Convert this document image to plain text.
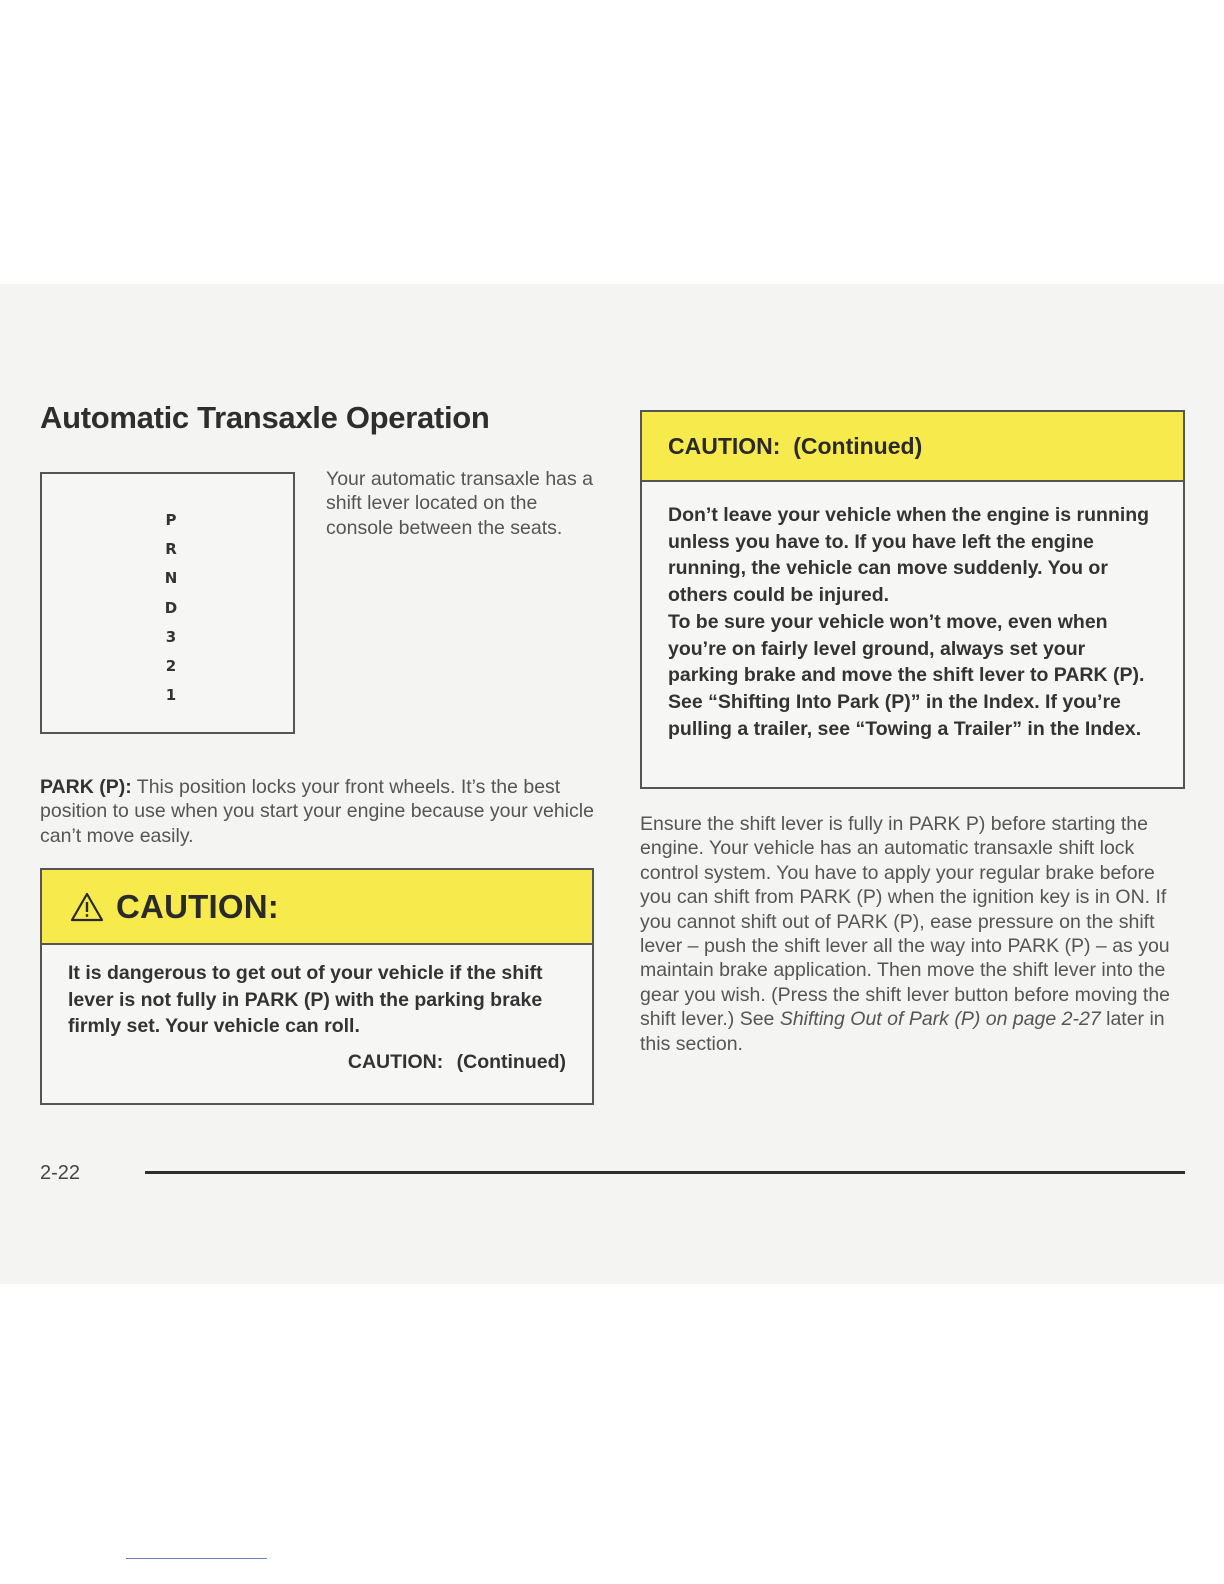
Automatic Transaxle Operation
P
R
N
D
3
2
1
Your automatic transaxle has a shift lever located on the console between the seats.
PARK (P): This position locks your front wheels. It’s the best position to use when you start your engine because your vehicle can’t move easily.
CAUTION:
It is dangerous to get out of your vehicle if the shift lever is not fully in PARK (P) with the parking brake firmly set. Your vehicle can roll.
CAUTION: (Continued)
CAUTION:  (Continued)
Don’t leave your vehicle when the engine is running unless you have to. If you have left the engine running, the vehicle can move suddenly. You or others could be injured.
To be sure your vehicle won’t move, even when you’re on fairly level ground, always set your parking brake and move the shift lever to PARK (P). See “Shifting Into Park (P)” in the Index. If you’re pulling a trailer, see “Towing a Trailer” in the Index.
Ensure the shift lever is fully in PARK P) before starting the engine. Your vehicle has an automatic transaxle shift lock control system. You have to apply your regular brake before you can shift from PARK (P) when the ignition key is in ON. If you cannot shift out of PARK (P), ease pressure on the shift lever – push the shift lever all the way into PARK (P) – as you maintain brake application. Then move the shift lever into the gear you wish. (Press the shift lever button before moving the shift lever.) See Shifting Out of Park (P) on page 2-27 later in this section.
2-22
